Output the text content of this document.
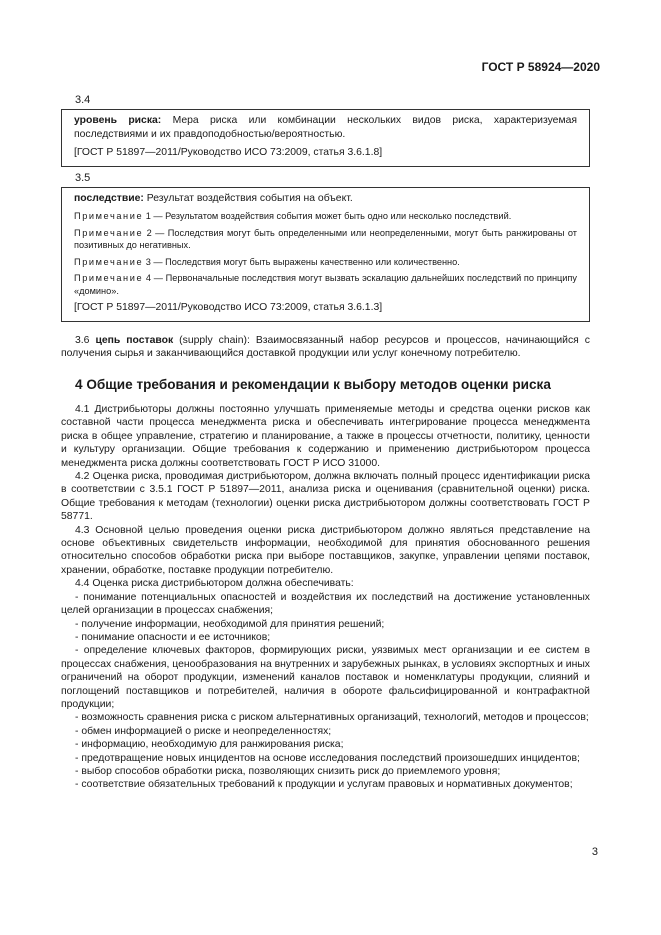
ГОСТ Р 58924—2020
3.4

уровень риска: Мера риска или комбинации нескольких видов риска, характеризуемая последствиями и их правдоподобностью/вероятностью.

[ГОСТ Р 51897—2011/Руководство ИСО 73:2009, статья 3.6.1.8]

3.5

последствие: Результат воздействия события на объект.

Примечание 1 — Результатом воздействия события может быть одно или несколько последствий.

Примечание 2 — Последствия могут быть определенными или неопределенными, могут быть ранжированы от позитивных до негативных.

Примечание 3 — Последствия могут быть выражены качественно или количественно.

Примечание 4 — Первоначальные последствия могут вызвать эскалацию дальнейших последствий по принципу «домино».

[ГОСТ Р 51897—2011/Руководство ИСО 73:2009, статья 3.6.1.3]

3.6 цепь поставок (supply chain): Взаимосвязанный набор ресурсов и процессов, начинающийся с получения сырья и заканчивающийся доставкой продукции или услуг конечному потребителю.

4 Общие требования и рекомендации к выбору методов оценки риска

4.1 Дистрибьюторы должны постоянно улучшать применяемые методы и средства оценки рисков как составной части процесса менеджмента риска и обеспечивать интегрирование процесса менеджмента риска в общее управление, стратегию и планирование, а также в процессы отчетности, политику, ценности и культуру организации. Общие требования к содержанию и применению дистрибьютором процесса менеджмента риска должны соответствовать ГОСТ Р ИСО 31000.

4.2 Оценка риска, проводимая дистрибьютором, должна включать полный процесс идентификации риска в соответствии с 3.5.1 ГОСТ Р 51897—2011, анализа риска и оценивания (сравнительной оценки) риска. Общие требования к методам (технологии) оценки риска дистрибьютором должны соответствовать ГОСТ Р 58771.

4.3 Основной целью проведения оценки риска дистрибьютором должно являться представление на основе объективных свидетельств информации, необходимой для принятия обоснованного решения относительно способов обработки риска при выборе поставщиков, закупке, управлении цепями поставок, хранении, обработке, поставке продукции потребителю.

4.4 Оценка риска дистрибьютором должна обеспечивать:

- понимание потенциальных опасностей и воздействия их последствий на достижение установленных целей организации в процессах снабжения;

- получение информации, необходимой для принятия решений;

- понимание опасности и ее источников;

- определение ключевых факторов, формирующих риски, уязвимых мест организации и ее систем в процессах снабжения, ценообразования на внутренних и зарубежных рынках, в условиях экспортных и иных ограничений на оборот продукции, изменений каналов поставок и номенклатуры продукции, слияний и поглощений поставщиков и потребителей, наличия в обороте фальсифицированной и контрафактной продукции;

- возможность сравнения риска с риском альтернативных организаций, технологий, методов и процессов;

- обмен информацией о риске и неопределенностях;

- информацию, необходимую для ранжирования риска;

- предотвращение новых инцидентов на основе исследования последствий произошедших инцидентов;

- выбор способов обработки риска, позволяющих снизить риск до приемлемого уровня;

- соответствие обязательных требований к продукции и услугам правовых и нормативных документов;

3
